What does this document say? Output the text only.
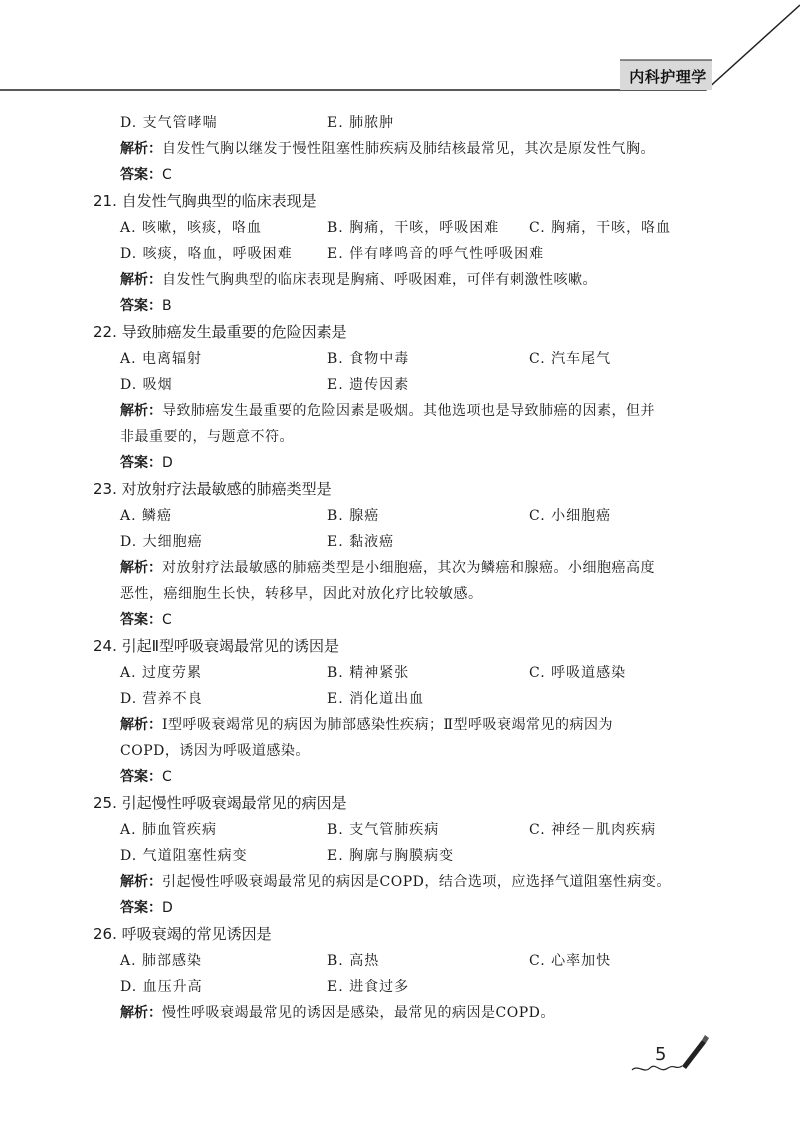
内科护理学
D. 支气管哮喘	E. 肺脓肿
解析：自发性气胸以继发于慢性阻塞性肺疾病及肺结核最常见，其次是原发性气胸。
答案：C
21. 自发性气胸典型的临床表现是
A. 咳嗽，咳痰，咯血	B. 胸痛，干咳，呼吸困难 C. 胸痛，干咳，咯血
D. 咳痰，咯血，呼吸困难 E. 伴有哮鸣音的呼气性呼吸困难
解析：自发性气胸典型的临床表现是胸痛、呼吸困难，可伴有刺激性咳嗽。
答案：B
22. 导致肺癌发生最重要的危险因素是
A. 电离辐射	B. 食物中毒	C. 汽车尾气
D. 吸烟	E. 遗传因素
解析：导致肺癌发生最重要的危险因素是吸烟。其他选项也是导致肺癌的因素，但并
非最重要的，与题意不符。
答案：D
23. 对放射疗法最敏感的肺癌类型是
A. 鳞癌	B. 腺癌	C. 小细胞癌
D. 大细胞癌	E. 黏液癌
解析：对放射疗法最敏感的肺癌类型是小细胞癌，其次为鳞癌和腺癌。小细胞癌高度
恶性，癌细胞生长快，转移早，因此对放化疗比较敏感。
答案：C
24. 引起Ⅱ型呼吸衰竭最常见的诱因是
A. 过度劳累	B. 精神紧张	C. 呼吸道感染
D. 营养不良	E. 消化道出血
解析：Ⅰ型呼吸衰竭常见的病因为肺部感染性疾病；Ⅱ型呼吸衰竭常见的病因为
COPD，诱因为呼吸道感染。
答案：C
25. 引起慢性呼吸衰竭最常见的病因是
A. 肺血管疾病	B. 支气管肺疾病	C. 神经－肌肉疾病
D. 气道阻塞性病变	E. 胸廓与胸膜病变
解析：引起慢性呼吸衰竭最常见的病因是COPD，结合选项，应选择气道阻塞性病变。
答案：D
26. 呼吸衰竭的常见诱因是
A. 肺部感染	B. 高热	C. 心率加快
D. 血压升高	E. 进食过多
解析：慢性呼吸衰竭最常见的诱因是感染，最常见的病因是COPD。
5
